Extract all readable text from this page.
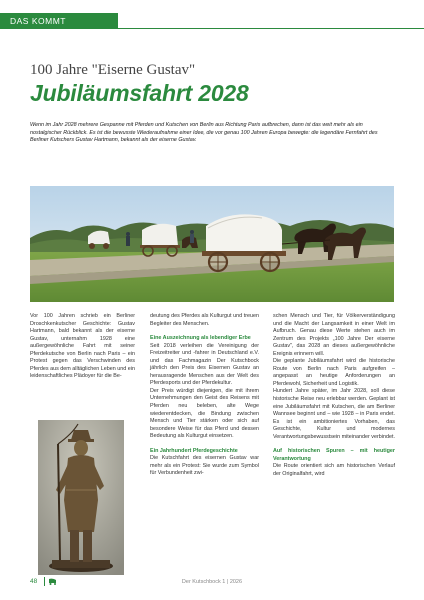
DAS KOMMT
100 Jahre "Eiserne Gustav"
Jubiläumsfahrt 2028
Wenn im Jahr 2028 mehrere Gespanne mit Pferden und Kutschen von Berlin aus Richtung Paris aufbrechen, dann ist das weit mehr als ein nostalgischer Rückblick. Es ist die bewusste Wiederaufnahme einer Idee, die vor genau 100 Jahren Europa bewegte: die legendäre Fernfahrt des Berliner Kutschers Gustav Hartmann, bekannt als der eiserne Gustav.

Vor 100 Jahren schrieb ein Berliner Droschkenkutscher Geschichte: Gustav Hartmann, bald bekannt als der eiserne Gustav, unternahm 1928 eine außergewöhnliche Fahrt mit seiner Pferdekutsche von Berlin nach Paris – ein Protest gegen das Verschwinden des Pferdes aus dem alltäglichen Leben und ein leidenschaftliches Plädoyer für die Be-

deutung des Pferdes als Kulturgut und treuen Begleiter des Menschen.

Eine Auszeichnung als lebendiger Erbe

Seit 2018 verleihen die Vereinigung der Freizeitreiter und -fahrer in Deutschland e.V. und das Fachmagazin Der Kutschbock jährlich den Preis des Eisernen Gustav an herausragende Menschen aus der Welt des Pferdesports und der Pferdekultur.

Der Preis würdigt diejenigen, die mit ihrem Unternehmungen den Geist des Reisens mit Pferden neu beleben, alte Wege wiederentdecken, die Bindung zwischen Mensch und Tier stärken oder sich auf besondere Weise für das Pferd und dessen Bedeutung als Kulturgut einsetzen.

Ein Jahrhundert Pferdegeschichte

Die Kutschfahrt des eisernen Gustav war mehr als ein Protest: Sie wurde zum Symbol für Verbundenheit zwi-

schen Mensch und Tier, für Völkerverständigung und die Macht der Langsamkeit in einer Welt im Aufbruch. Genau diese Werte stehen auch im Zentrum des Projekts „100 Jahre Der eiserne Gustav", das 2028 an dieses außergewöhnliche Ereignis erinnern will.

Die geplante Jubiläumsfahrt wird die historische Route von Berlin nach Paris aufgreifen – angepasst an heutige Anforderungen an Pferdewohl, Sicherheit und Logistik.

Hundert Jahre später, im Jahr 2028, soll diese historische Reise neu erlebbar werden. Geplant ist eine Jubiläumsfahrt mit Kutschen, die am Berliner Wannsee beginnt und – wie 1928 – in Paris endet. Es ist ein ambitioniertes Vorhaben, das Geschichte, Kultur und modernes Verantwortungsbewusstsein miteinander verbindet.

Auf historischen Spuren – mit heutiger Verantwortung

Die Route orientiert sich am historischen Verlauf der Originalfahrt, wird

48	Der Kutschbock 1 | 2026
